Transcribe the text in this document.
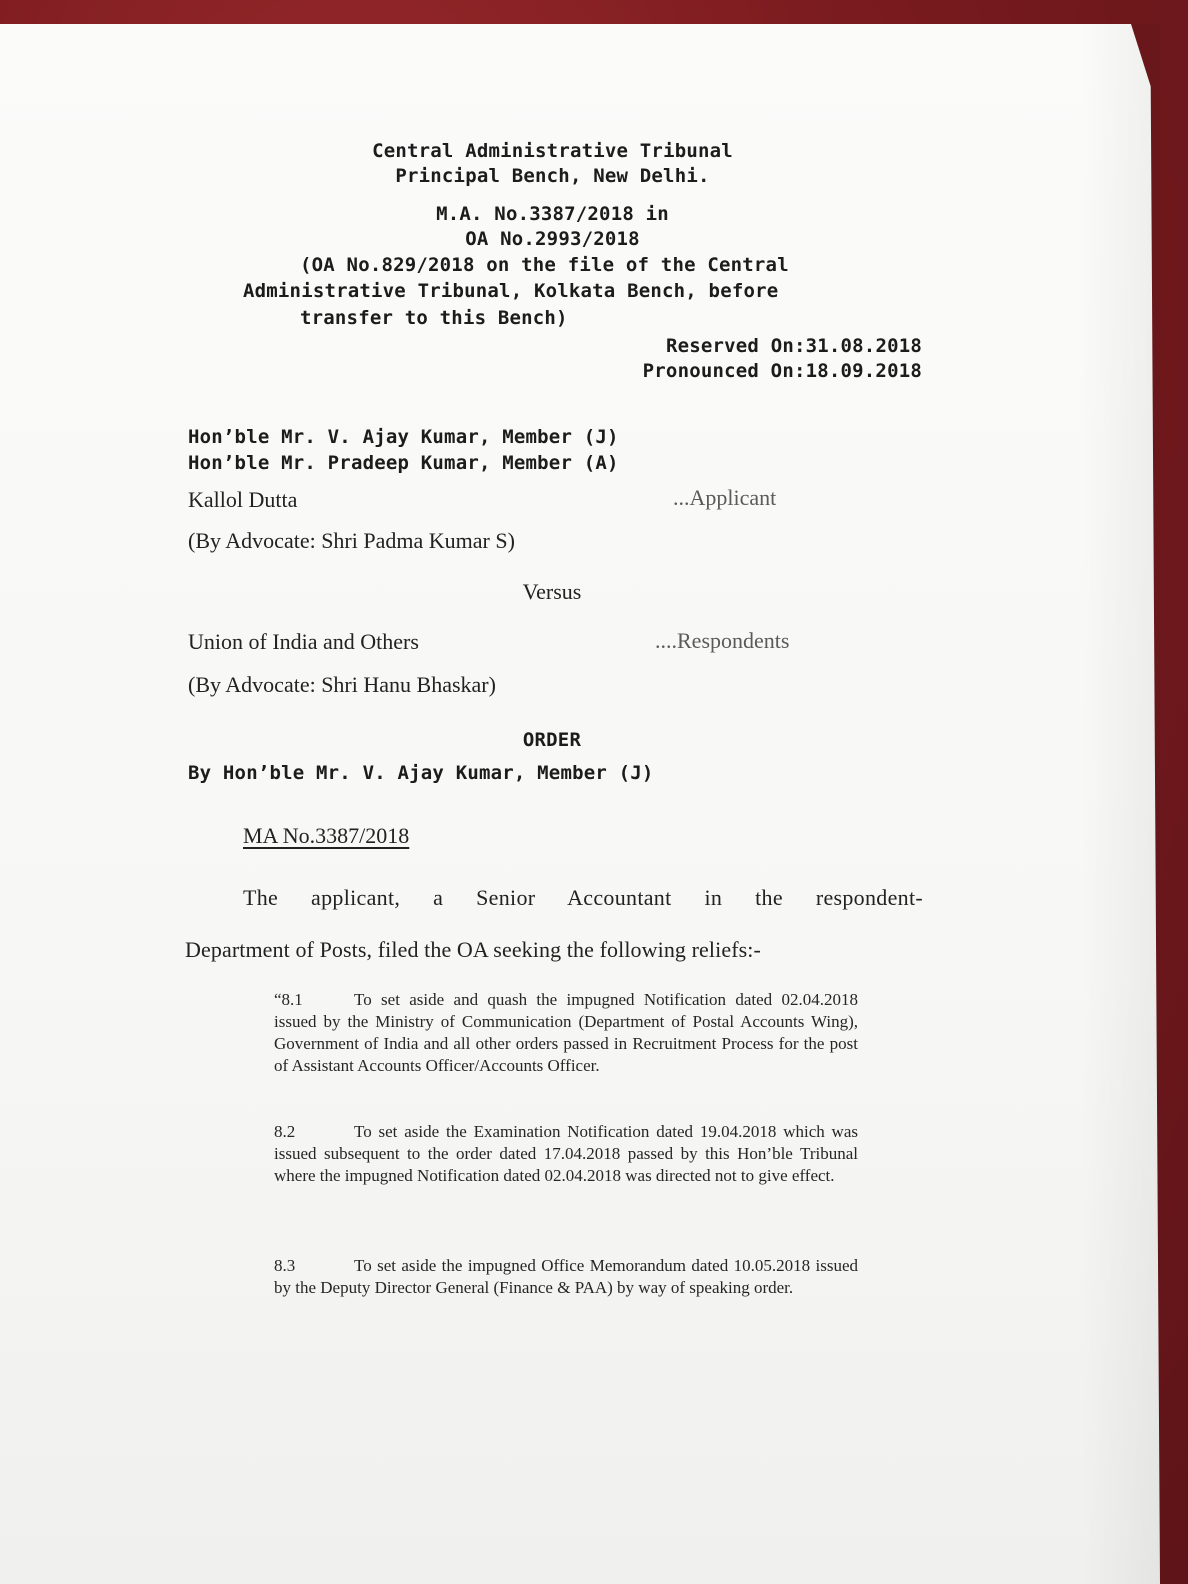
Central Administrative Tribunal
Principal Bench, New Delhi.
M.A. No.3387/2018 in
OA No.2993/2018
(OA No.829/2018 on the file of the Central
Administrative Tribunal, Kolkata Bench, before
transfer to this Bench)
Reserved On:31.08.2018
Pronounced On:18.09.2018
Hon’ble Mr. V. Ajay Kumar, Member (J)
Hon’ble Mr. Pradeep Kumar, Member (A)
Kallol Dutta	...Applicant
(By Advocate: Shri Padma Kumar S)
Versus
Union of India and Others	....Respondents
(By Advocate: Shri Hanu Bhaskar)
ORDER
By Hon’ble Mr. V. Ajay Kumar, Member (J)
MA No.3387/2018
The applicant, a Senior Accountant in the respondent-
Department of Posts, filed the OA seeking the following reliefs:-
“8.1	To set aside and quash the impugned Notification dated 02.04.2018 issued by the Ministry of Communication (Department of Postal Accounts Wing), Government of India and all other orders passed in Recruitment Process for the post of Assistant Accounts Officer/Accounts Officer.
8.2	To set aside the Examination Notification dated 19.04.2018 which was issued subsequent to the order dated 17.04.2018 passed by this Hon’ble Tribunal where the impugned Notification dated 02.04.2018 was directed not to give effect.
8.3	To set aside the impugned Office Memorandum dated 10.05.2018 issued by the Deputy Director General (Finance & PAA) by way of speaking order.
